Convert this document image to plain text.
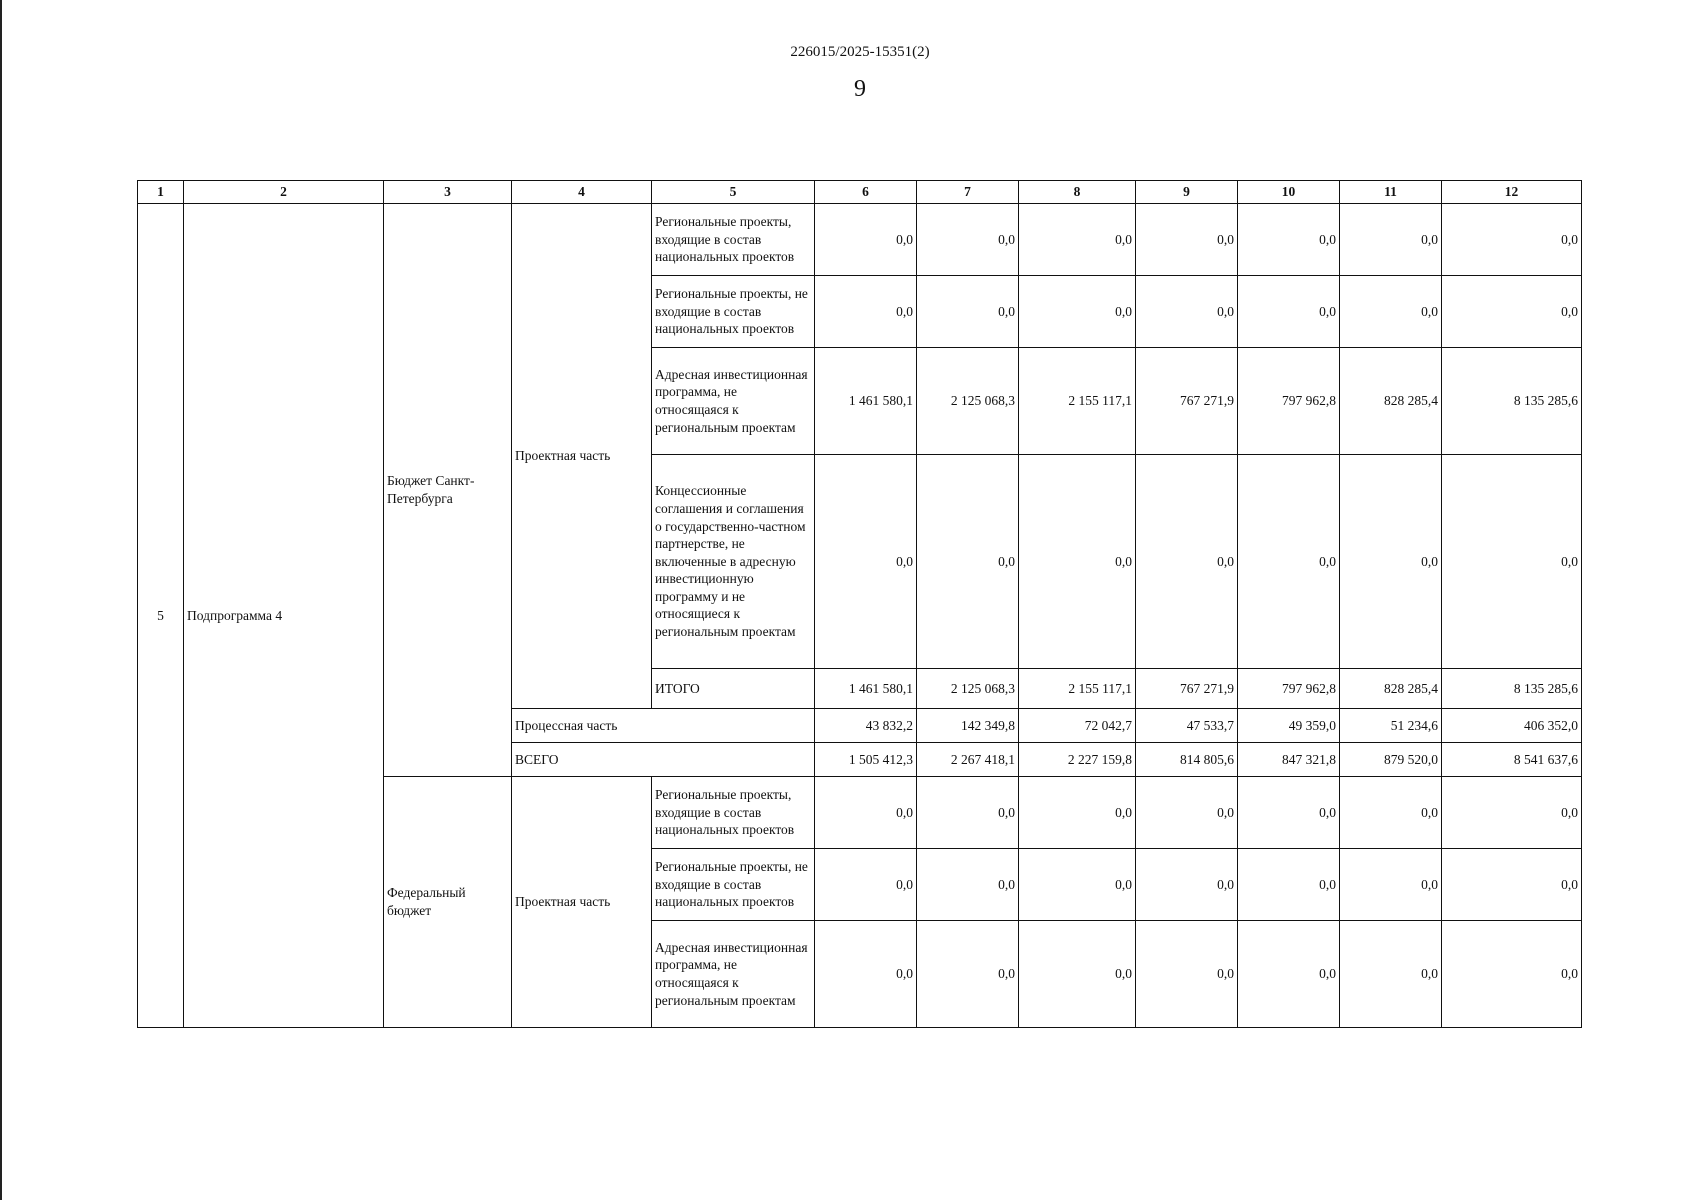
226015/2025-15351(2)
9
1	2	3	4	5	6	7	8	9	10	11	12
5	Подпрограмма 4	Бюджет Санкт-Петербурга	Проектная часть	Региональные проекты, входящие в состав национальных проектов	0,0	0,0	0,0	0,0	0,0	0,0	0,0
				Региональные проекты, не входящие в состав национальных проектов	0,0	0,0	0,0	0,0	0,0	0,0	0,0
				Адресная инвестиционная программа, не относящаяся к региональным проектам	1 461 580,1	2 125 068,3	2 155 117,1	767 271,9	797 962,8	828 285,4	8 135 285,6
				Концессионные соглашения и соглашения о государственно-частном партнерстве, не включенные в адресную инвестиционную программу и не относящиеся к региональным проектам	0,0	0,0	0,0	0,0	0,0	0,0	0,0
				ИТОГО	1 461 580,1	2 125 068,3	2 155 117,1	767 271,9	797 962,8	828 285,4	8 135 285,6
			Процессная часть		43 832,2	142 349,8	72 042,7	47 533,7	49 359,0	51 234,6	406 352,0
			ВСЕГО		1 505 412,3	2 267 418,1	2 227 159,8	814 805,6	847 321,8	879 520,0	8 541 637,6
		Федеральный бюджет	Проектная часть	Региональные проекты, входящие в состав национальных проектов	0,0	0,0	0,0	0,0	0,0	0,0	0,0
				Региональные проекты, не входящие в состав национальных проектов	0,0	0,0	0,0	0,0	0,0	0,0	0,0
				Адресная инвестиционная программа, не относящаяся к региональным проектам	0,0	0,0	0,0	0,0	0,0	0,0	0,0
